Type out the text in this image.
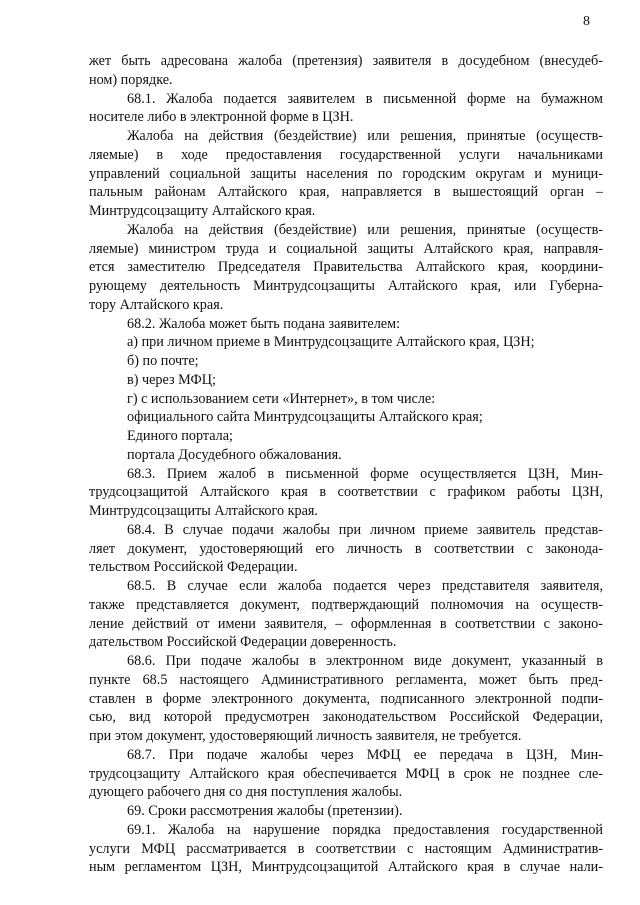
8
жет быть адресована жалоба (претензия) заявителя в досудебном (внесудеб-
ном) порядке.
68.1. Жалоба подается заявителем в письменной форме на бумажном
носителе либо в электронной форме в ЦЗН.
Жалоба на действия (бездействие) или решения, принятые (осуществ-
ляемые) в ходе предоставления государственной услуги начальниками
управлений социальной защиты населения по городским округам и муници-
пальным районам Алтайского края, направляется в вышестоящий орган –
Минтрудсоцзащиту Алтайского края.
Жалоба на действия (бездействие) или решения, принятые (осуществ-
ляемые) министром труда и социальной защиты Алтайского края, направля-
ется заместителю Председателя Правительства Алтайского края, координи-
рующему деятельность Минтрудсоцзащиты Алтайского края, или Губерна-
тору Алтайского края.
68.2. Жалоба может быть подана заявителем:
а) при личном приеме в Минтрудсоцзащите Алтайского края, ЦЗН;
б) по почте;
в) через МФЦ;
г) с использованием сети «Интернет», в том числе:
официального сайта Минтрудсоцзащиты Алтайского края;
Единого портала;
портала Досудебного обжалования.
68.3. Прием жалоб в письменной форме осуществляется ЦЗН, Мин-
трудсоцзащитой Алтайского края в соответствии с графиком работы ЦЗН,
Минтрудсоцзащиты Алтайского края.
68.4. В случае подачи жалобы при личном приеме заявитель представ-
ляет документ, удостоверяющий его личность в соответствии с законода-
тельством Российской Федерации.
68.5. В случае если жалоба подается через представителя заявителя,
также представляется документ, подтверждающий полномочия на осуществ-
ление действий от имени заявителя, – оформленная в соответствии с законо-
дательством Российской Федерации доверенность.
68.6. При подаче жалобы в электронном виде документ, указанный в
пункте 68.5 настоящего Административного регламента, может быть пред-
ставлен в форме электронного документа, подписанного электронной подпи-
сью, вид которой предусмотрен законодательством Российской Федерации,
при этом документ, удостоверяющий личность заявителя, не требуется.
68.7. При подаче жалобы через МФЦ ее передача в ЦЗН, Мин-
трудсоцзащиту Алтайского края обеспечивается МФЦ в срок не позднее сле-
дующего рабочего дня со дня поступления жалобы.
69. Сроки рассмотрения жалобы (претензии).
69.1. Жалоба на нарушение порядка предоставления государственной
услуги МФЦ рассматривается в соответствии с настоящим Административ-
ным регламентом ЦЗН, Минтрудсоцзащитой Алтайского края в случае нали-
